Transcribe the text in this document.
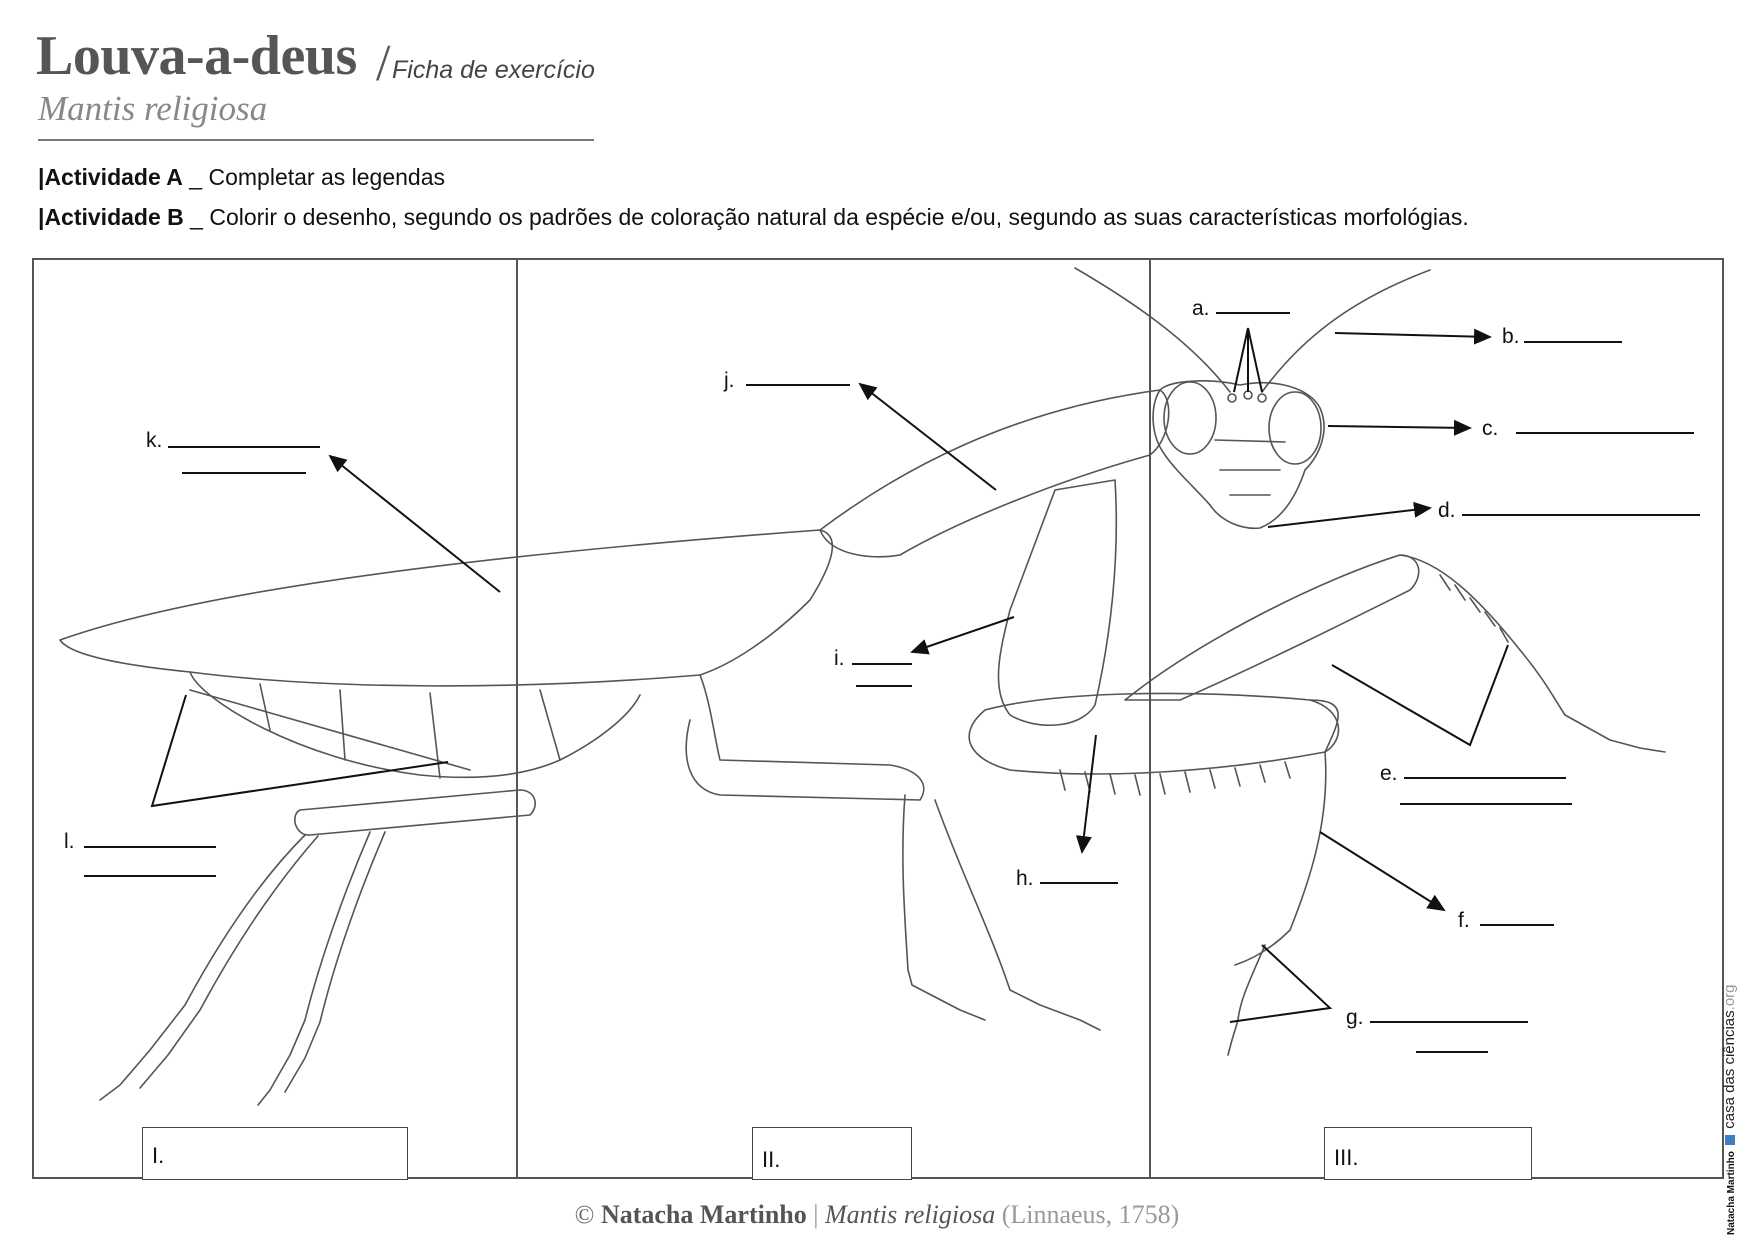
Louva-a-deus / Ficha de exercício
Mantis religiosa
|Actividade A _ Completar as legendas
|Actividade B _ Colorir o desenho, segundo os padrões de coloração natural da espécie e/ou, segundo as suas características morfológias.
a.
b.
c.
d.
e.
f.
g.
h.
i.
j.
k.
l.
I.	II.	III.
© Natacha Martinho | Mantis religiosa (Linnaeus, 1758)	Natacha Martinho  casa das ciências.org
